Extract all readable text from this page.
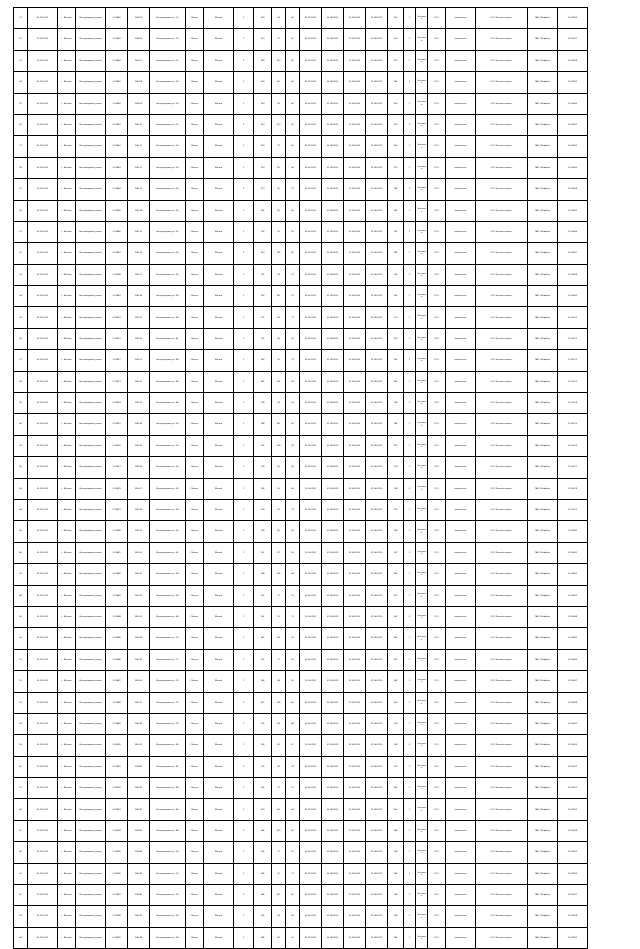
21	25.05.2022	г. Москва	Ветеринарная улица	1-23456	345-05	Ветеринарная ул. 12	Объект	Жилой	1	160	94	62	15.05.2022	01.08.2022	12.08.2022	31.08.2022	153	1	Окончено	ООО	выполнено	ООО Реалити проект	ПАО Сбербанк	12-34-56
22	25.05.2022	г. Москва	Ветеринарная улица	1-23457	345-06	Ветеринарная ул. 14	Объект	Жилой	1	120	70	50	15.05.2022	01.08.2022	12.08.2022	31.08.2022	120	2	Окончено	ООО	выполнено	ООО Реалити проект	ПАО Сбербанк	12-34-57
23	25.05.2022	г. Москва	Ветеринарная улица	1-23458	345-07	Ветеринарная ул. 16	Объект	Жилой	2	180	100	80	15.05.2022	01.08.2022	12.08.2022	31.08.2022	175	1	Окончено	ООО	выполнено	ООО Реалити проект	ПАО Сбербанк	12-34-58
24	25.05.2022	г. Москва	Ветеринарная улица	1-23459	345-08	Ветеринарная ул. 18	Объект	Жилой	1	140	80	60	15.05.2022	01.08.2022	12.08.2022	31.08.2022	140	3	Окончено	ООО	выполнено	ООО Реалити проект	ПАО Сбербанк	12-34-59
25	25.05.2022	г. Москва	Ветеринарная улица	1-23460	345-09	Ветеринарная ул. 20	Объект	Жилой	1	150	90	60	15.05.2022	01.08.2022	12.08.2022	31.08.2022	150	1	Окончено	ООО	выполнено	ООО Реалити проект	ПАО Сбербанк	12-34-60
26	25.05.2022	г. Москва	Ветеринарная улица	1-23461	345-10	Ветеринарная ул. 22	Объект	Жилой	2	200	110	90	15.05.2022	01.08.2022	12.08.2022	31.08.2022	190	2	Окончено	ООО	выполнено	ООО Реалити проект	ПАО Сбербанк	12-34-61
27	25.05.2022	г. Москва	Ветеринарная улица	1-23462	345-11	Ветеринарная ул. 24	Объект	Жилой	1	130	75	55	15.05.2022	01.08.2022	12.08.2022	31.08.2022	130	1	Окончено	ООО	выполнено	ООО Реалити проект	ПАО Сбербанк	12-34-62
28	25.05.2022	г. Москва	Ветеринарная улица	1-23463	345-12	Ветеринарная ул. 26	Объект	Жилой	1	110	65	45	15.05.2022	01.08.2022	12.08.2022	31.08.2022	110	1	Окончено	ООО	выполнено	ООО Реалити проект	ПАО Сбербанк	12-34-63
29	25.05.2022	г. Москва	Ветеринарная улица	1-23464	345-13	Ветеринарная ул. 28	Объект	Жилой	2	170	95	75	15.05.2022	01.08.2022	12.08.2022	31.08.2022	165	2	Окончено	ООО	выполнено	ООО Реалити проект	ПАО Сбербанк	12-34-64
30	25.05.2022	г. Москва	Ветеринарная улица	1-23465	345-14	Ветеринарная ул. 30	Объект	Жилой	1	145	85	60	15.05.2022	01.08.2022	12.08.2022	31.08.2022	145	1	Окончено	ООО	выполнено	ООО Реалити проект	ПАО Сбербанк	12-34-65
31	25.05.2022	г. Москва	Ветеринарная улица	1-23466	345-15	Ветеринарная ул. 32	Объект	Жилой	1	125	70	55	15.05.2022	01.08.2022	12.08.2022	31.08.2022	125	3	Окончено	ООО	выполнено	ООО Реалити проект	ПАО Сбербанк	12-34-66
32	25.05.2022	г. Москва	Ветеринарная улица	1-23467	345-16	Ветеринарная ул. 34	Объект	Жилой	2	190	105	85	15.05.2022	01.08.2022	12.08.2022	31.08.2022	185	1	Окончено	ООО	выполнено	ООО Реалити проект	ПАО Сбербанк	12-34-67
33	25.05.2022	г. Москва	Ветеринарная улица	1-23468	345-17	Ветеринарная ул. 36	Объект	Жилой	1	135	78	57	15.05.2022	01.08.2022	12.08.2022	31.08.2022	135	2	Окончено	ООО	выполнено	ООО Реалити проект	ПАО Сбербанк	12-34-68
34	25.05.2022	г. Москва	Ветеринарная улица	1-23469	345-18	Ветеринарная ул. 38	Объект	Жилой	1	155	88	67	15.05.2022	01.08.2022	12.08.2022	31.08.2022	155	1	Окончено	ООО	выполнено	ООО Реалити проект	ПАО Сбербанк	12-34-69
35	25.05.2022	г. Москва	Ветеринарная улица	1-23470	345-19	Ветеринарная ул. 40	Объект	Жилой	2	175	98	77	15.05.2022	01.08.2022	12.08.2022	31.08.2022	170	2	Окончено	ООО	выполнено	ООО Реалити проект	ПАО Сбербанк	12-34-70
36	25.05.2022	г. Москва	Ветеринарная улица	1-23471	345-20	Ветеринарная ул. 42	Объект	Жилой	1	115	68	47	15.05.2022	01.08.2022	12.08.2022	31.08.2022	115	1	Окончено	ООО	выполнено	ООО Реалити проект	ПАО Сбербанк	12-34-71
37	25.05.2022	г. Москва	Ветеринарная улица	1-23472	345-21	Ветеринарная ул. 44	Объект	Жилой	1	165	92	73	15.05.2022	01.08.2022	12.08.2022	31.08.2022	160	3	Окончено	ООО	выполнено	ООО Реалити проект	ПАО Сбербанк	12-34-72
38	25.05.2022	г. Москва	Ветеринарная улица	1-23473	345-22	Ветеринарная ул. 46	Объект	Жилой	2	185	102	83	15.05.2022	01.08.2022	12.08.2022	31.08.2022	180	1	Окончено	ООО	выполнено	ООО Реалити проект	ПАО Сбербанк	12-34-73
39	25.05.2022	г. Москва	Ветеринарная улица	1-23474	345-23	Ветеринарная ул. 48	Объект	Жилой	1	128	74	54	15.05.2022	01.08.2022	12.08.2022	31.08.2022	128	2	Окончено	ООО	выполнено	ООО Реалити проект	ПАО Сбербанк	12-34-74
40	25.05.2022	г. Москва	Ветеринарная улица	1-23475	345-24	Ветеринарная ул. 50	Объект	Жилой	1	148	86	62	15.05.2022	01.08.2022	12.08.2022	31.08.2022	148	1	Окончено	ООО	выполнено	ООО Реалити проект	ПАО Сбербанк	12-34-75
41	25.05.2022	г. Москва	Ветеринарная улица	1-23476	345-25	Ветеринарная ул. 52	Объект	Жилой	2	195	108	87	15.05.2022	01.08.2022	12.08.2022	31.08.2022	190	2	Окончено	ООО	выполнено	ООО Реалити проект	ПАО Сбербанк	12-34-76
42	25.05.2022	г. Москва	Ветеринарная улица	1-23477	345-26	Ветеринарная ул. 54	Объект	Жилой	1	118	69	49	15.05.2022	01.08.2022	12.08.2022	31.08.2022	118	1	Окончено	ООО	выполнено	ООО Реалити проект	ПАО Сбербанк	12-34-77
43	25.05.2022	г. Москва	Ветеринарная улица	1-23478	345-27	Ветеринарная ул. 56	Объект	Жилой	1	158	90	68	15.05.2022	01.08.2022	12.08.2022	31.08.2022	158	3	Окончено	ООО	выполнено	ООО Реалити проект	ПАО Сбербанк	12-34-78
44	25.05.2022	г. Москва	Ветеринарная улица	1-23479	345-28	Ветеринарная ул. 58	Объект	Жилой	2	178	99	79	15.05.2022	01.08.2022	12.08.2022	31.08.2022	175	1	Окончено	ООО	выполнено	ООО Реалити проект	ПАО Сбербанк	12-34-79
45	25.05.2022	г. Москва	Ветеринарная улица	1-23480	345-29	Ветеринарная ул. 60	Объект	Жилой	1	138	80	58	15.05.2022	01.08.2022	12.08.2022	31.08.2022	138	2	Окончено	ООО	выполнено	ООО Реалити проект	ПАО Сбербанк	12-34-80
46	25.05.2022	г. Москва	Ветеринарная улица	1-23481	345-30	Ветеринарная ул. 62	Объект	Жилой	1	152	87	65	15.05.2022	01.08.2022	12.08.2022	31.08.2022	152	1	Окончено	ООО	выполнено	ООО Реалити проект	ПАО Сбербанк	12-34-81
47	25.05.2022	г. Москва	Ветеринарная улица	1-23482	345-31	Ветеринарная ул. 64	Объект	Жилой	2	188	104	84	15.05.2022	01.08.2022	12.08.2022	31.08.2022	185	2	Окончено	ООО	выполнено	ООО Реалити проект	ПАО Сбербанк	12-34-82
48	25.05.2022	г. Москва	Ветеринарная улица	1-23483	345-32	Ветеринарная ул. 66	Объект	Жилой	1	122	71	51	15.05.2022	01.08.2022	12.08.2022	31.08.2022	122	1	Окончено	ООО	выполнено	ООО Реалити проект	ПАО Сбербанк	12-34-83
49	25.05.2022	г. Москва	Ветеринарная улица	1-23484	345-33	Ветеринарная ул. 68	Объект	Жилой	1	162	91	71	15.05.2022	01.08.2022	12.08.2022	31.08.2022	162	3	Окончено	ООО	выполнено	ООО Реалити проект	ПАО Сбербанк	12-34-84
50	25.05.2022	г. Москва	Ветеринарная улица	1-23485	345-34	Ветеринарная ул. 70	Объект	Жилой	2	182	101	81	15.05.2022	01.08.2022	12.08.2022	31.08.2022	180	1	Окончено	ООО	выполнено	ООО Реалити проект	ПАО Сбербанк	12-34-85
51	25.05.2022	г. Москва	Ветеринарная улица	1-23486	345-35	Ветеринарная ул. 72	Объект	Жилой	1	132	77	55	15.05.2022	01.08.2022	12.08.2022	31.08.2022	132	2	Окончено	ООО	выполнено	ООО Реалити проект	ПАО Сбербанк	12-34-86
52	25.05.2022	г. Москва	Ветеринарная улица	1-23487	345-36	Ветеринарная ул. 74	Объект	Жилой	1	146	84	62	15.05.2022	01.08.2022	12.08.2022	31.08.2022	146	1	Окончено	ООО	выполнено	ООО Реалити проект	ПАО Сбербанк	12-34-87
53	25.05.2022	г. Москва	Ветеринарная улица	1-23488	345-37	Ветеринарная ул. 76	Объект	Жилой	2	192	106	86	15.05.2022	01.08.2022	12.08.2022	31.08.2022	190	2	Окончено	ООО	выполнено	ООО Реалити проект	ПАО Сбербанк	12-34-88
54	25.05.2022	г. Москва	Ветеринарная улица	1-23489	345-38	Ветеринарная ул. 78	Объект	Жилой	1	116	68	48	15.05.2022	01.08.2022	12.08.2022	31.08.2022	116	1	Окончено	ООО	выполнено	ООО Реалити проект	ПАО Сбербанк	12-34-89
55	25.05.2022	г. Москва	Ветеринарная улица	1-23490	345-39	Ветеринарная ул. 80	Объект	Жилой	1	156	89	67	15.05.2022	01.08.2022	12.08.2022	31.08.2022	156	3	Окончено	ООО	выполнено	ООО Реалити проект	ПАО Сбербанк	12-34-90
56	25.05.2022	г. Москва	Ветеринарная улица	1-23491	345-40	Ветеринарная ул. 82	Объект	Жилой	2	176	98	78	15.05.2022	01.08.2022	12.08.2022	31.08.2022	175	1	Окончено	ООО	выполнено	ООО Реалити проект	ПАО Сбербанк	12-34-91
57	25.05.2022	г. Москва	Ветеринарная улица	1-23492	345-41	Ветеринарная ул. 84	Объект	Жилой	1	136	79	57	15.05.2022	01.08.2022	12.08.2022	31.08.2022	136	2	Окончено	ООО	выполнено	ООО Реалити проект	ПАО Сбербанк	12-34-92
58	25.05.2022	г. Москва	Ветеринарная улица	1-23493	345-42	Ветеринарная ул. 86	Объект	Жилой	1	150	86	64	15.05.2022	01.08.2022	12.08.2022	31.08.2022	150	1	Окончено	ООО	выполнено	ООО Реалити проект	ПАО Сбербанк	12-34-93
59	25.05.2022	г. Москва	Ветеринарная улица	1-23494	345-43	Ветеринарная ул. 88	Объект	Жилой	2	186	103	83	15.05.2022	01.08.2022	12.08.2022	31.08.2022	185	2	Окончено	ООО	выполнено	ООО Реалити проект	ПАО Сбербанк	12-34-94
60	25.05.2022	г. Москва	Ветеринарная улица	1-23495	345-44	Ветеринарная ул. 90	Объект	Жилой	1	124	72	52	15.05.2022	01.08.2022	12.08.2022	31.08.2022	124	1	Окончено	ООО	выполнено	ООО Реалити проект	ПАО Сбербанк	12-34-95
61	25.05.2022	г. Москва	Ветеринарная улица	1-23496	345-45	Ветеринарная ул. 92	Объект	Жилой	1	164	92	72	15.05.2022	01.08.2022	12.08.2022	31.08.2022	164	3	Окончено	ООО	выполнено	ООО Реалити проект	ПАО Сбербанк	12-34-96
62	25.05.2022	г. Москва	Ветеринарная улица	1-23497	345-46	Ветеринарная ул. 94	Объект	Жилой	2	184	102	82	15.05.2022	01.08.2022	12.08.2022	31.08.2022	180	1	Окончено	ООО	выполнено	ООО Реалити проект	ПАО Сбербанк	12-34-97
63	25.05.2022	г. Москва	Ветеринарная улица	1-23498	345-47	Ветеринарная ул. 96	Объект	Жилой	1	134	78	56	15.05.2022	01.08.2022	12.08.2022	31.08.2022	134	2	Окончено	ООО	выполнено	ООО Реалити проект	ПАО Сбербанк	12-34-98
64	25.05.2022	г. Москва	Ветеринарная улица	1-23499	345-48	Ветеринарная ул. 98	Объект	Жилой	1	144	83	61	15.05.2022	01.08.2022	12.08.2022	31.08.2022	144	1	Окончено	ООО	выполнено	ООО Реалити проект	ПАО Сбербанк	12-34-99
